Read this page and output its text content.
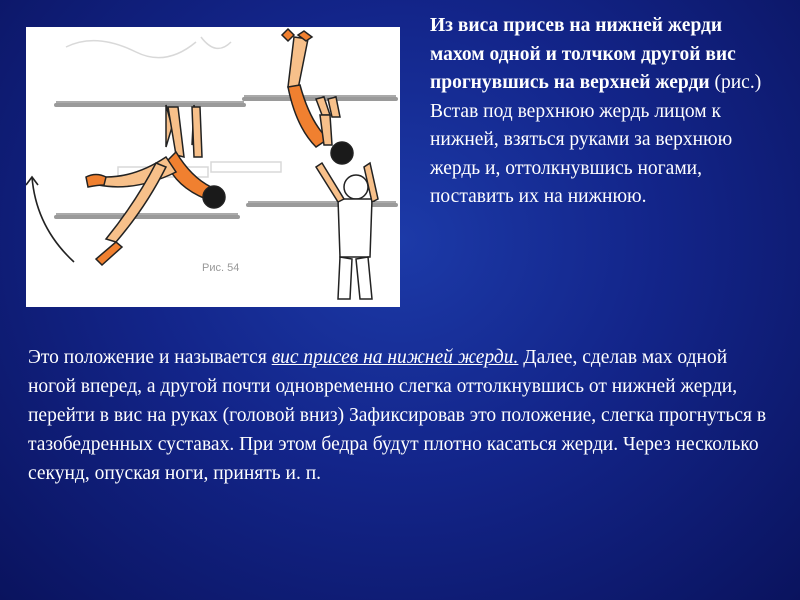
Рис. 54
Из виса присев на нижней жерди махом одной и толчком другой вис прогнувшись на верхней жерди (рис.) Встав под верхнюю жердь лицом к нижней, взяться руками за верхнюю жердь и, оттолкнувшись ногами, поставить их на нижнюю.
Это положение и называется вис присев на нижней жерди. Далее, сделав мах одной ногой вперед, а другой почти одновременно слегка оттолкнувшись от нижней жерди, перейти в вис на руках (головой вниз) Зафиксировав это положение, слегка прогнуться в тазобедренных суставах. При этом бедра будут плотно касаться жерди. Через несколько секунд, опуская ноги, принять и. п.
